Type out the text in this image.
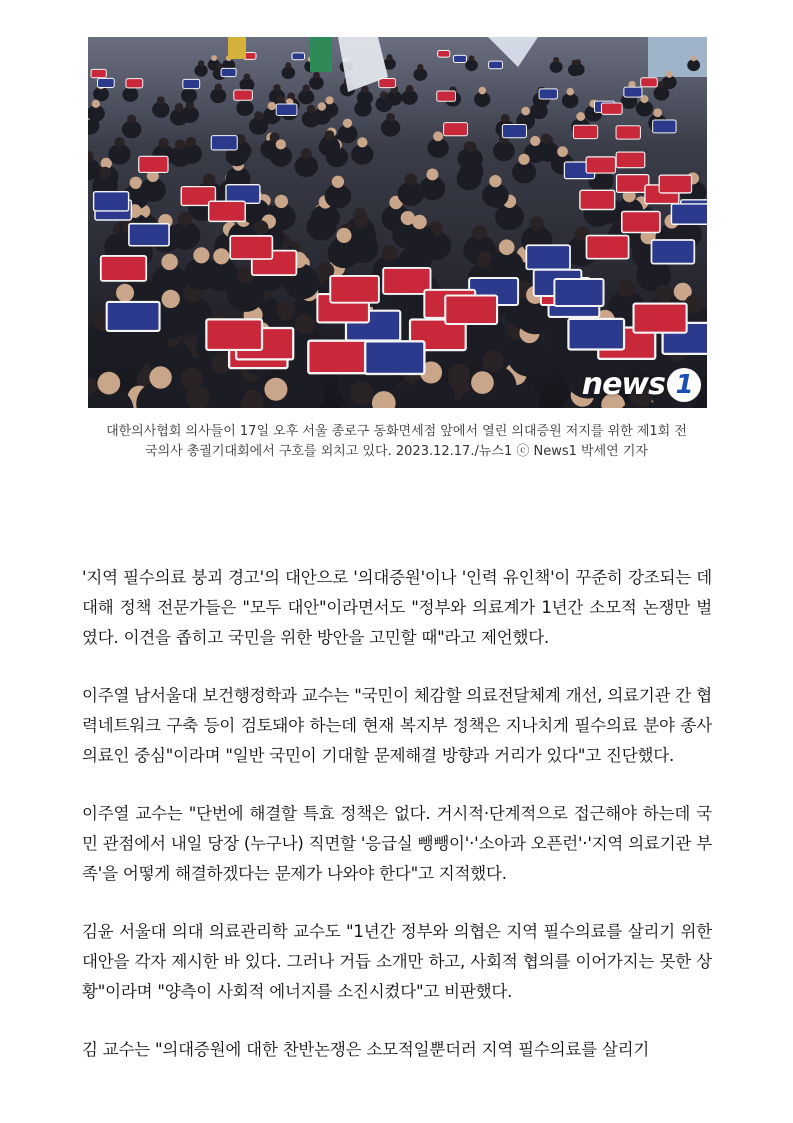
news 1
대한의사협회 의사들이 17일 오후 서울 종로구 동화면세점 앞에서 열린 의대증원 저지를 위한 제1회 전국의사 총궐기대회에서 구호를 외치고 있다. 2023.12.17./뉴스1 ⓒ News1 박세연 기자

'지역 필수의료 붕괴 경고'의 대안으로 '의대증원'이나 '인력 유인책'이 꾸준히 강조되는 데 대해 정책 전문가들은 "모두 대안"이라면서도 "정부와 의료계가 1년간 소모적 논쟁만 벌였다. 이견을 좁히고 국민을 위한 방안을 고민할 때"라고 제언했다.

이주열 남서울대 보건행정학과 교수는 "국민이 체감할 의료전달체계 개선, 의료기관 간 협력네트워크 구축 등이 검토돼야 하는데 현재 복지부 정책은 지나치게 필수의료 분야 종사 의료인 중심"이라며 "일반 국민이 기대할 문제해결 방향과 거리가 있다"고 진단했다.

이주열 교수는 "단번에 해결할 특효 정책은 없다. 거시적·단계적으로 접근해야 하는데 국민 관점에서 내일 당장 (누구나) 직면할 '응급실 뺑뺑이'·'소아과 오픈런'·'지역 의료기관 부족'을 어떻게 해결하겠다는 문제가 나와야 한다"고 지적했다.

김윤 서울대 의대 의료관리학 교수도 "1년간 정부와 의협은 지역 필수의료를 살리기 위한 대안을 각자 제시한 바 있다. 그러나 거듭 소개만 하고, 사회적 협의를 이어가지는 못한 상황"이라며 "양측이 사회적 에너지를 소진시켰다"고 비판했다.

김 교수는 "의대증원에 대한 찬반논쟁은 소모적일뿐더러 지역 필수의료를 살리기
